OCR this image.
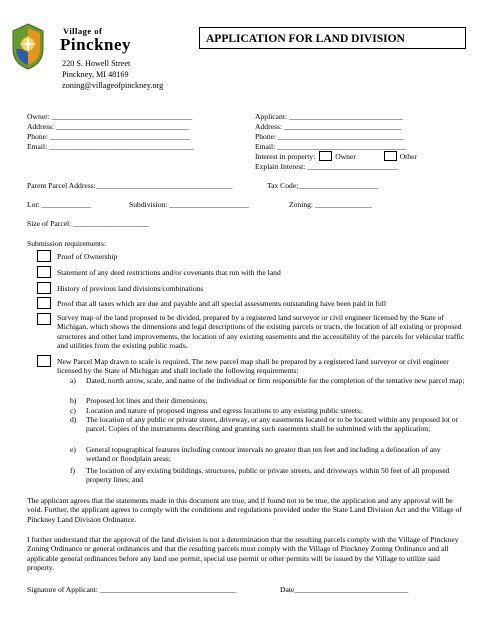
Village of
Pinckney
220 S. Howell Street
Pinckney, MI 48169
zoning@villageofpinckney.org
APPLICATION FOR LAND DIVISION
Owner: _____________________________________
Address: ___________________________________
Phone: _____________________________________
Email: ______________________________________
Applicant: ______________________________
Address: _______________________________
Phone: _________________________________
Email: __________________________________
Interest in property:	Owner	Other
Explain Interest: ________________________
Parent Parcel Address:____________________________________	Tax Code:_____________________
Lot: _____________	Subdivision: _____________________	Zoning: _______________
Size of Parcel: ____________________
Submission requirements:
Proof of Ownership
Statement of any deed restrictions and/or covenants that run with the land
History of previous land divisions/combinations
Proof that all taxes which are due and payable and all special assessments outstanding have been paid in full
Survey map of the land proposed to be divided, prepared by a registered land surveyor or civil engineer licensed by the State of Michigan, which shows the dimensions and legal descriptions of the existing parcels or tracts, the location of all existing or proposed structures and other land improvements, the location of any existing easements and the accessibility of the parcels for vehicular traffic and utilities from the existing public roads.
New Parcel Map drawn to scale is required. The new parcel map shall be prepared by a registered land surveyor or civil engineer licensed by the State of Michigan and shall include the following requirements:
a) Dated, north arrow, scale, and name of the individual or firm responsible for the completion of the tentative new parcel map;
b) Proposed lot lines and their dimensions;
c) Location and nature of proposed ingress and egress locations to any existing public streets;
d) The location of any public or private street, driveway, or any easements located or to be located within any proposed lot or parcel. Copies of the instruments describing and granting such easements shall be submitted with the application;
e) General topographical features including contour intervals no greater than ten feet and including a delineation of any wetland or floodplain areas;
f) The location of any existing buildings, structures, public or private streets, and driveways within 50 feet of all proposed property lines; and
The applicant agrees that the statements made in this document are true, and if found not to be true, the application and any approval will be void. Further, the applicant agrees to comply with the conditions and regulations provided under the State Land Division Act and the Village of Pinckney Land Division Ordinance.
I further understand that the approval of the land division is not a determination that the resulting parcels comply with the Village of Pinckney Zoning Ordinance or general ordinances and that the resulting parcels must comply with the Village of Pinckney Zoning Ordinance and all applicable general ordinances before any land use permit, special use permit or other permits will be issued by the Village to utilize said property.
Signature of Applicant: ____________________________________	Date______________________________
